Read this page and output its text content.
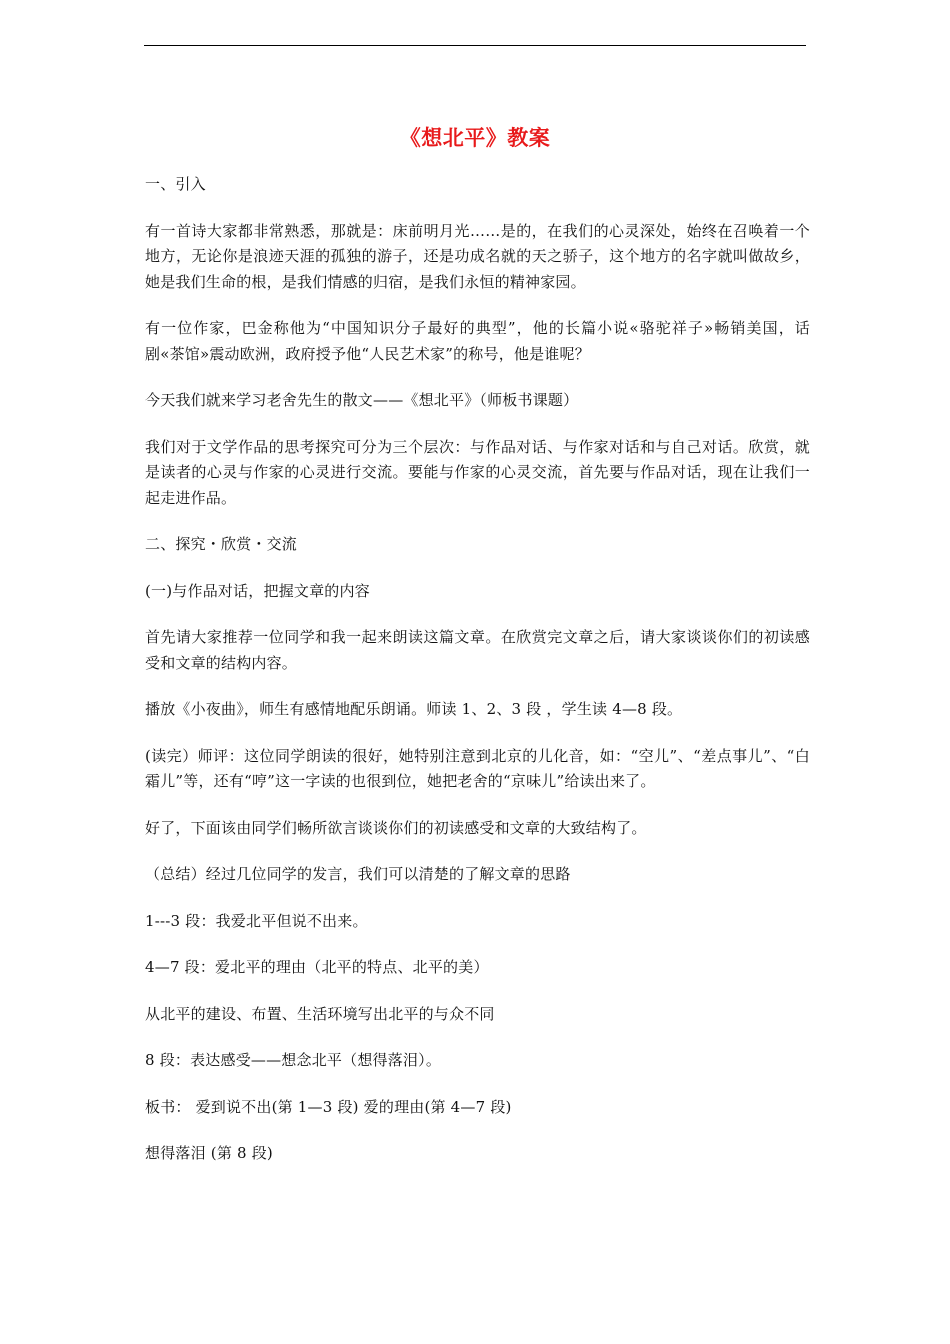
《想北平》教案

一、引入

有一首诗大家都非常熟悉，那就是：床前明月光……是的，在我们的心灵深处，始终在召唤着一个地方，无论你是浪迹天涯的孤独的游子，还是功成名就的天之骄子，这个地方的名字就叫做故乡，她是我们生命的根，是我们情感的归宿，是我们永恒的精神家园。

有一位作家，巴金称他为“中国知识分子最好的典型”，他的长篇小说«骆驼祥子»畅销美国，话剧«茶馆»震动欧洲，政府授予他“人民艺术家”的称号，他是谁呢？

今天我们就来学习老舍先生的散文——《想北平》（师板书课题）

我们对于文学作品的思考探究可分为三个层次：与作品对话、与作家对话和与自己对话。欣赏，就是读者的心灵与作家的心灵进行交流。要能与作家的心灵交流，首先要与作品对话，现在让我们一起走进作品。

二、探究・欣赏・交流

(一)与作品对话，把握文章的内容

首先请大家推荐一位同学和我一起来朗读这篇文章。在欣赏完文章之后，请大家谈谈你们的初读感受和文章的结构内容。

播放《小夜曲》，师生有感情地配乐朗诵。师读 1、2、3 段 ，学生读 4—8 段。

(读完）师评：这位同学朗读的很好，她特别注意到北京的儿化音，如：“空儿”、“差点事儿”、“白霜儿”等，还有“哼”这一字读的也很到位，她把老舍的“京味儿”给读出来了。

好了，下面该由同学们畅所欲言谈谈你们的初读感受和文章的大致结构了。

（总结）经过几位同学的发言，我们可以清楚的了解文章的思路

1---3 段：我爱北平但说不出来。

4—7 段：爱北平的理由（北平的特点、北平的美）

从北平的建设、布置、生活环境写出北平的与众不同

8 段：表达感受——想念北平（想得落泪）。

板书： 爱到说不出(第 1—3 段) 爱的理由(第 4—7 段)

想得落泪 (第 8 段)
